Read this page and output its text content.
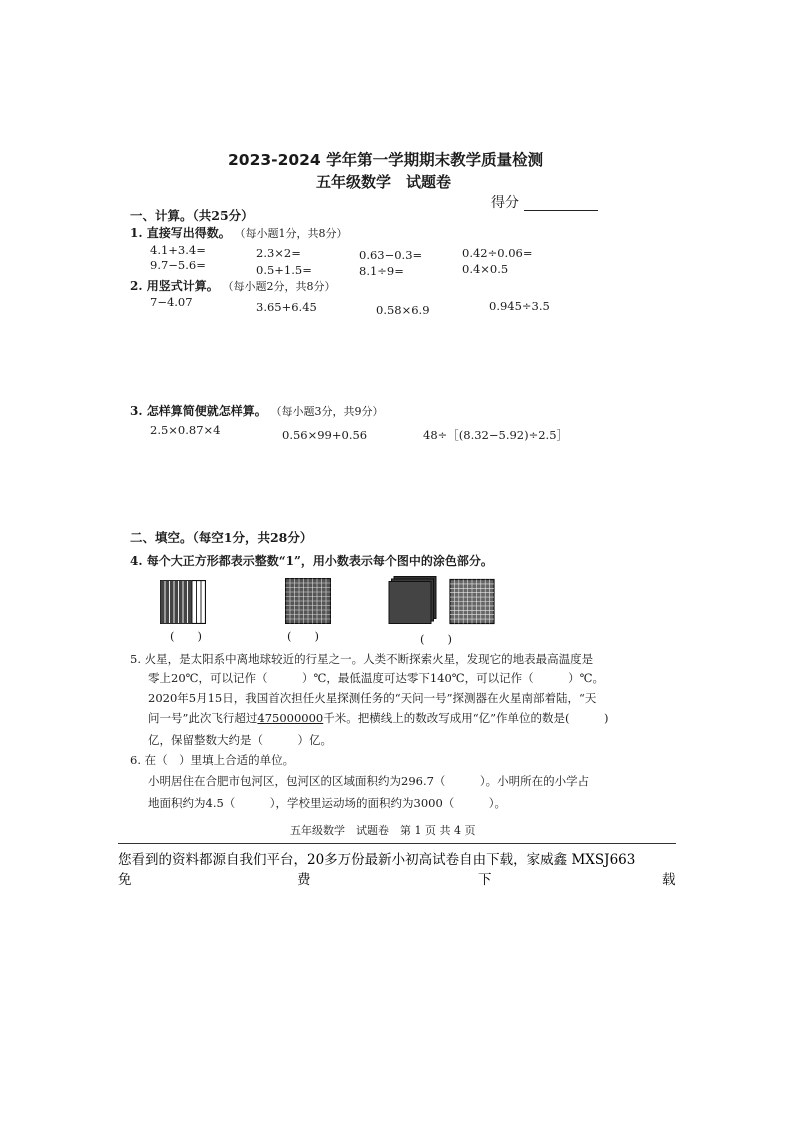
2023-2024 学年第一学期期末教学质量检测
五年级数学　试题卷
得分
一、计算。（共25分）
1. 直接写出得数。 （每小题1分，共8分）
4.1+3.4=	2.3×2=	0.63−0.3=	0.42÷0.06=
9.7−5.6=	0.5+1.5=	8.1÷9=	0.4×0.5
2. 用竖式计算。 （每小题2分，共8分）
7−4.07	3.65+6.45	0.58×6.9	0.945÷3.5
3. 怎样算简便就怎样算。 （每小题3分，共9分）
2.5×0.87×4	0.56×99+0.56	48÷［(8.32−5.92)÷2.5］
二、填空。（每空1分，共28分）
4. 每个大正方形都表示整数“1”，用小数表示每个图中的涂色部分。
(　　)	(　　)	(　　)
5. 火星，是太阳系中离地球较近的行星之一。人类不断探索火星，发现它的地表最高温度是
零上20℃，可以记作（　　　）℃，最低温度可达零下140℃，可以记作（　　　）℃。
2020年5月15日，我国首次担任火星探测任务的“天问一号”探测器在火星南部着陆，“天
问一号”此次飞行超过475000000千米。把横线上的数改写成用“亿”作单位的数是(　　　)
亿，保留整数大约是（　　　）亿。
6. 在（　）里填上合适的单位。
小明居住在合肥市包河区，包河区的区域面积约为296.7（　　　）。小明所在的小学占
地面积约为4.5（　　　），学校里运动场的面积约为3000（　　　）。
五年级数学　试题卷　第 1 页 共 4 页
您看到的资料都源自我们平台，20多万份最新小初高试卷自由下载，家威鑫 MXSJ663
免	费	下	载
